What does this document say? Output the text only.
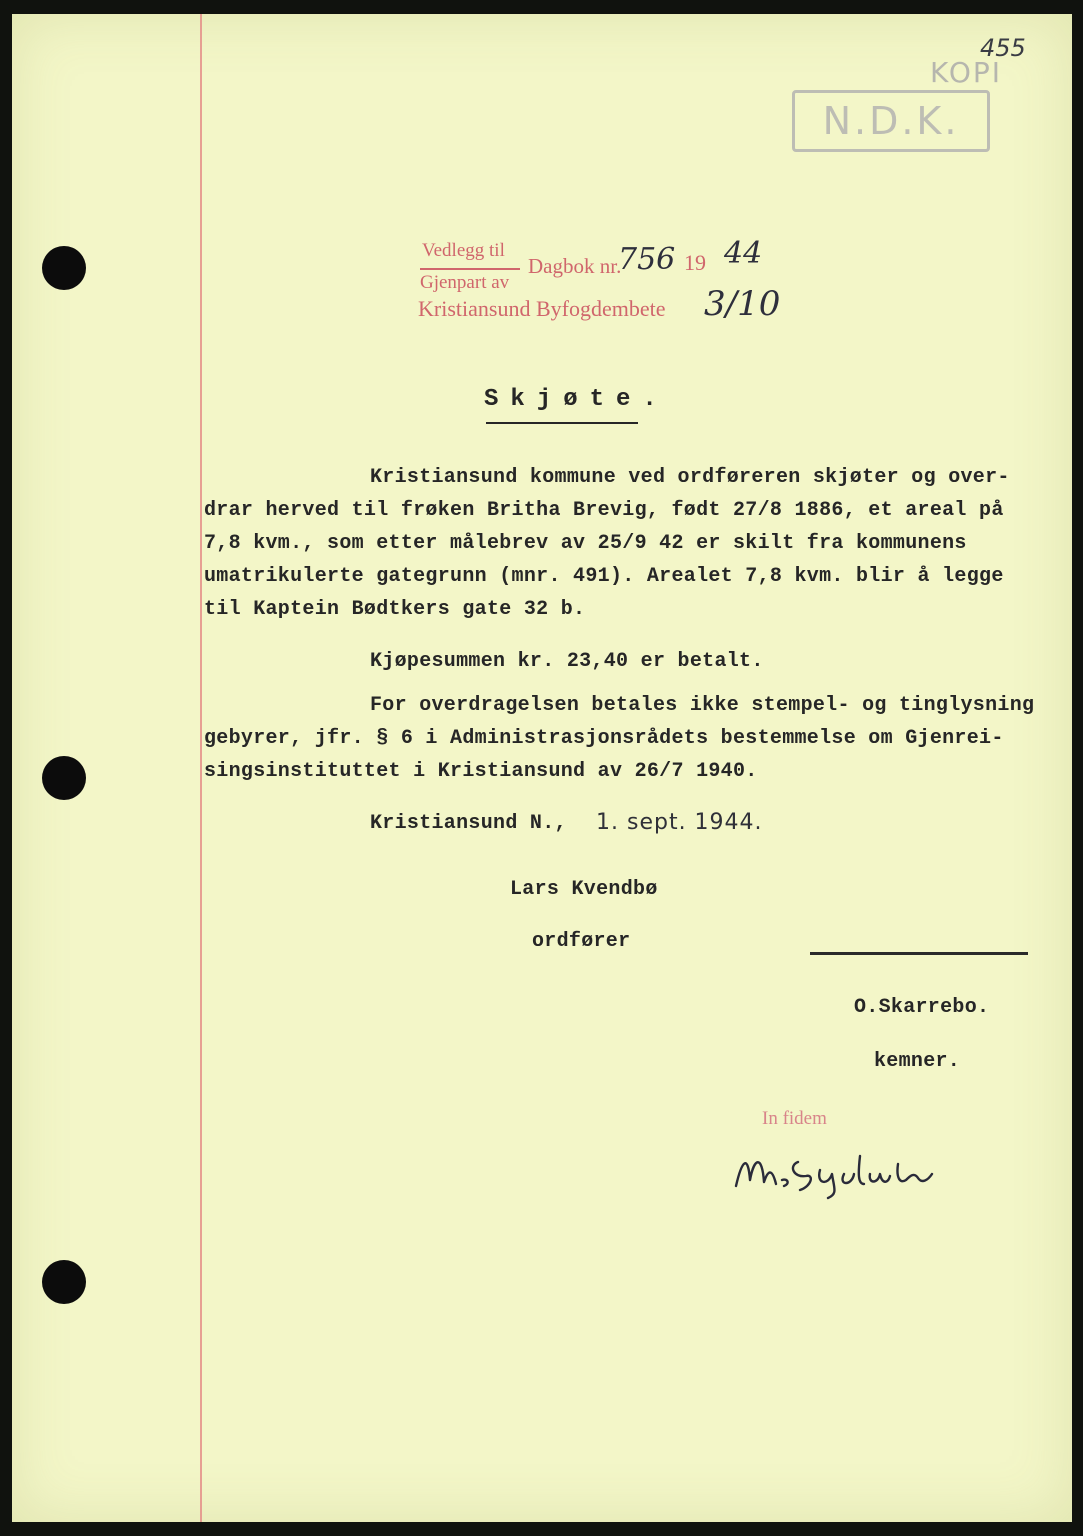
455
KOPI
N.D.K.
Vedlegg til
Gjenpart av
Dagbok nr.
756 19 44
Kristiansund Byfogdembete 3/10
Skjøte.
Kristiansund kommune ved ordføreren skjøter og over-
drar herved til frøken Britha Brevig, født 27/8 1886, et areal på
7,8 kvm., som etter målebrev av 25/9 42 er skilt fra kommunens
umatrikulerte gategrunn (mnr. 491). Arealet 7,8 kvm. blir å legge
til Kaptein Bødtkers gate 32 b.
Kjøpesummen kr. 23,40 er betalt.
For overdragelsen betales ikke stempel- og tinglysning
gebyrer, jfr. § 6 i Administrasjonsrådets bestemmelse om Gjenrei-
singsinstituttet i Kristiansund av 26/7 1940.
Kristiansund N., 1. sept. 1944.
Lars Kvendbø
ordfører
O.Skarrebo.
kemner.
In fidem
